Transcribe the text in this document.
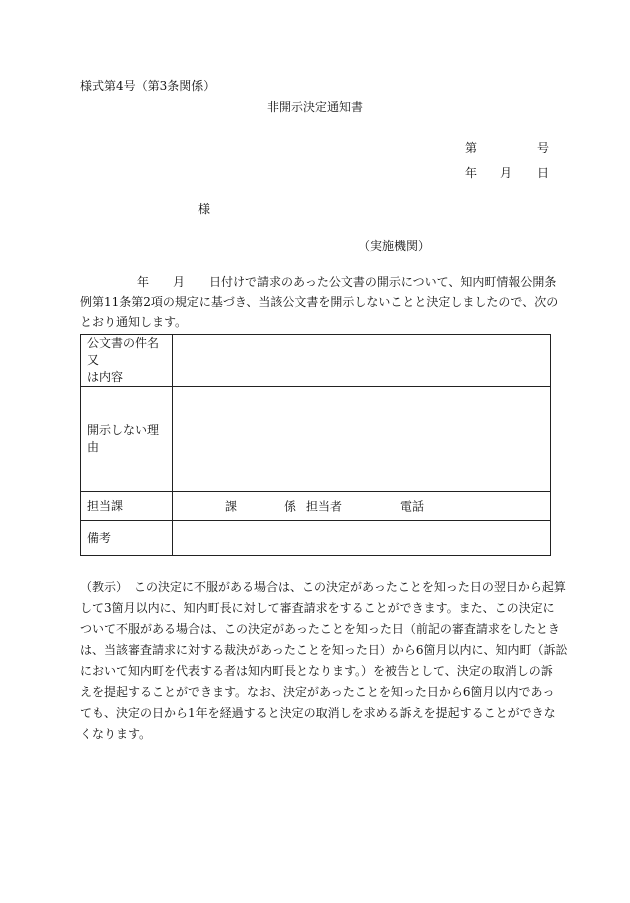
様式第4号（第3条関係）
非開示決定通知書
第	号
年 月 日
様
（実施機関）
年 月 日付けで請求のあった公文書の開示について、知内町情報公開条
例第11条第2項の規定に基づき、当該公文書を開示しないことと決定しましたので、次の
とおり通知します。
公文書の件名又
は内容	

開示しない理由	
担当課	課 係 担当者 電話

備考	
（教示）　この決定に不服がある場合は、この決定があったことを知った日の翌日から起算
して3箇月以内に、知内町長に対して審査請求をすることができます。また、この決定に
ついて不服がある場合は、この決定があったことを知った日（前記の審査請求をしたとき
は、当該審査請求に対する裁決があったことを知った日）から6箇月以内に、知内町（訴訟
において知内町を代表する者は知内町長となります。）を被告として、決定の取消しの訴
えを提起することができます。なお、決定があったことを知った日から6箇月以内であっ
ても、決定の日から1年を経過すると決定の取消しを求める訴えを提起することができな
くなります。
